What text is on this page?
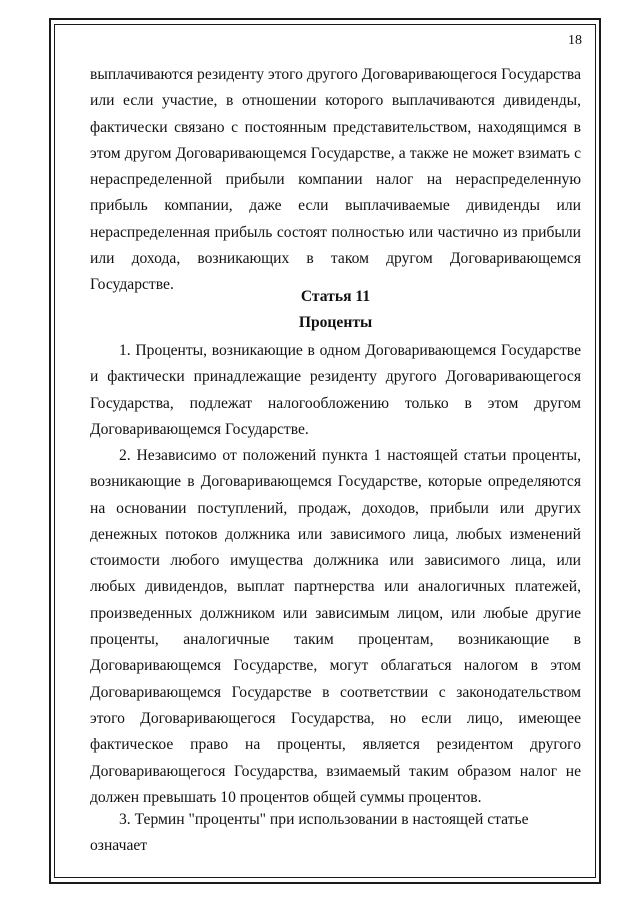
18

выплачиваются резиденту этого другого Договаривающегося Государства или если участие, в отношении которого выплачиваются дивиденды, фактически связано с постоянным представительством, находящимся в этом другом Договаривающемся Государстве, а также не может взимать с нераспределенной прибыли компании налог на нераспределенную прибыль компании, даже если выплачиваемые дивиденды или нераспределенная прибыль состоят полностью или частично из прибыли или дохода, возникающих в таком другом Договаривающемся Государстве.

Статья 11

Проценты

1. Проценты, возникающие в одном Договаривающемся Государстве и фактически принадлежащие резиденту другого Договаривающегося Государства, подлежат налогообложению только в этом другом Договаривающемся Государстве.

2. Независимо от положений пункта 1 настоящей статьи проценты, возникающие в Договаривающемся Государстве, которые определяются на основании поступлений, продаж, доходов, прибыли или других денежных потоков должника или зависимого лица, любых изменений стоимости любого имущества должника или зависимого лица, или любых дивидендов, выплат партнерства или аналогичных платежей, произведенных должником или зависимым лицом, или любые другие проценты, аналогичные таким процентам, возникающие в Договаривающемся Государстве, могут облагаться налогом в этом Договаривающемся Государстве в соответствии с законодательством этого Договаривающегося Государства, но если лицо, имеющее фактическое право на проценты, является резидентом другого Договаривающегося Государства, взимаемый таким образом налог не должен превышать 10 процентов общей суммы процентов.

3. Термин "проценты" при использовании в настоящей статье означает
